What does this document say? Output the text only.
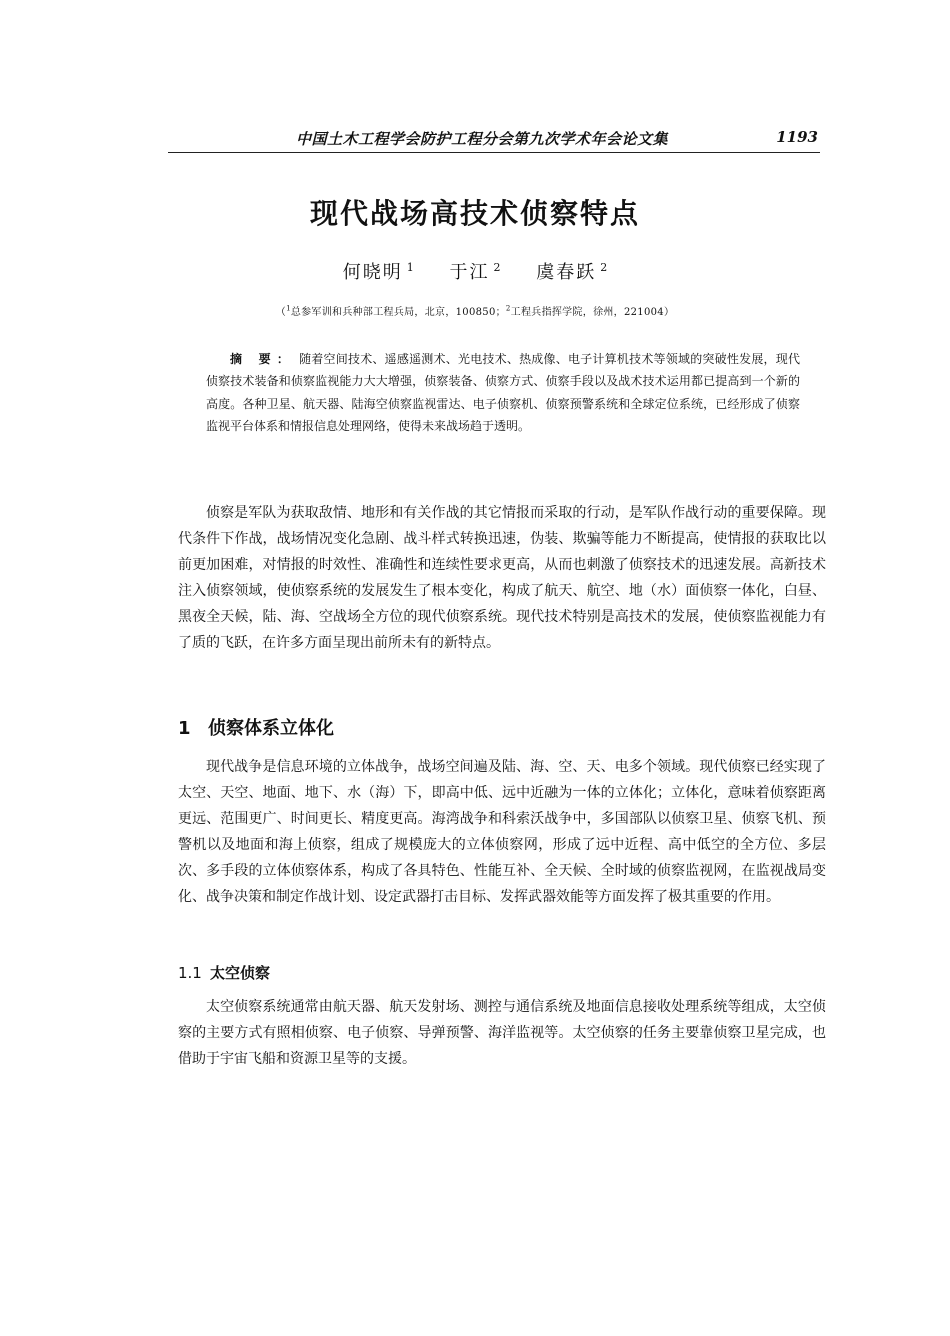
中国土木工程学会防护工程分会第九次学术年会论文集	1193
现代战场高技术侦察特点
何晓明 $^1$ 于江 $^2$ 虞春跃 $^2$
（$^1$总参军训和兵种部工程兵局，北京，100850；$^2$工程兵指挥学院，徐州，221004）
摘 要： 随着空间技术、遥感遥测术、光电技术、热成像、电子计算机技术等领域的突破性发展，现代侦察技术装备和侦察监视能力大大增强，侦察装备、侦察方式、侦察手段以及战术技术运用都已提高到一个新的高度。各种卫星、航天器、陆海空侦察监视雷达、电子侦察机、侦察预警系统和全球定位系统，已经形成了侦察监视平台体系和情报信息处理网络，使得未来战场趋于透明。
侦察是军队为获取敌情、地形和有关作战的其它情报而采取的行动，是军队作战行动的重要保障。现代条件下作战，战场情况变化急剧、战斗样式转换迅速，伪装、欺骗等能力不断提高，使情报的获取比以前更加困难，对情报的时效性、准确性和连续性要求更高，从而也刺激了侦察技术的迅速发展。高新技术注入侦察领域，使侦察系统的发展发生了根本变化，构成了航天、航空、地（水）面侦察一体化，白昼、黑夜全天候，陆、海、空战场全方位的现代侦察系统。现代技术特别是高技术的发展，使侦察监视能力有了质的飞跃，在许多方面呈现出前所未有的新特点。
1 侦察体系立体化
现代战争是信息环境的立体战争，战场空间遍及陆、海、空、天、电多个领域。现代侦察已经实现了太空、天空、地面、地下、水（海）下，即高中低、远中近融为一体的立体化；立体化，意味着侦察距离更远、范围更广、时间更长、精度更高。海湾战争和科索沃战争中，多国部队以侦察卫星、侦察飞机、预警机以及地面和海上侦察，组成了规模庞大的立体侦察网，形成了远中近程、高中低空的全方位、多层次、多手段的立体侦察体系，构成了各具特色、性能互补、全天候、全时域的侦察监视网，在监视战局变化、战争决策和制定作战计划、设定武器打击目标、发挥武器效能等方面发挥了极其重要的作用。
1.1 太空侦察
太空侦察系统通常由航天器、航天发射场、测控与通信系统及地面信息接收处理系统等组成，太空侦察的主要方式有照相侦察、电子侦察、导弹预警、海洋监视等。太空侦察的任务主要靠侦察卫星完成，也借助于宇宙飞船和资源卫星等的支援。
